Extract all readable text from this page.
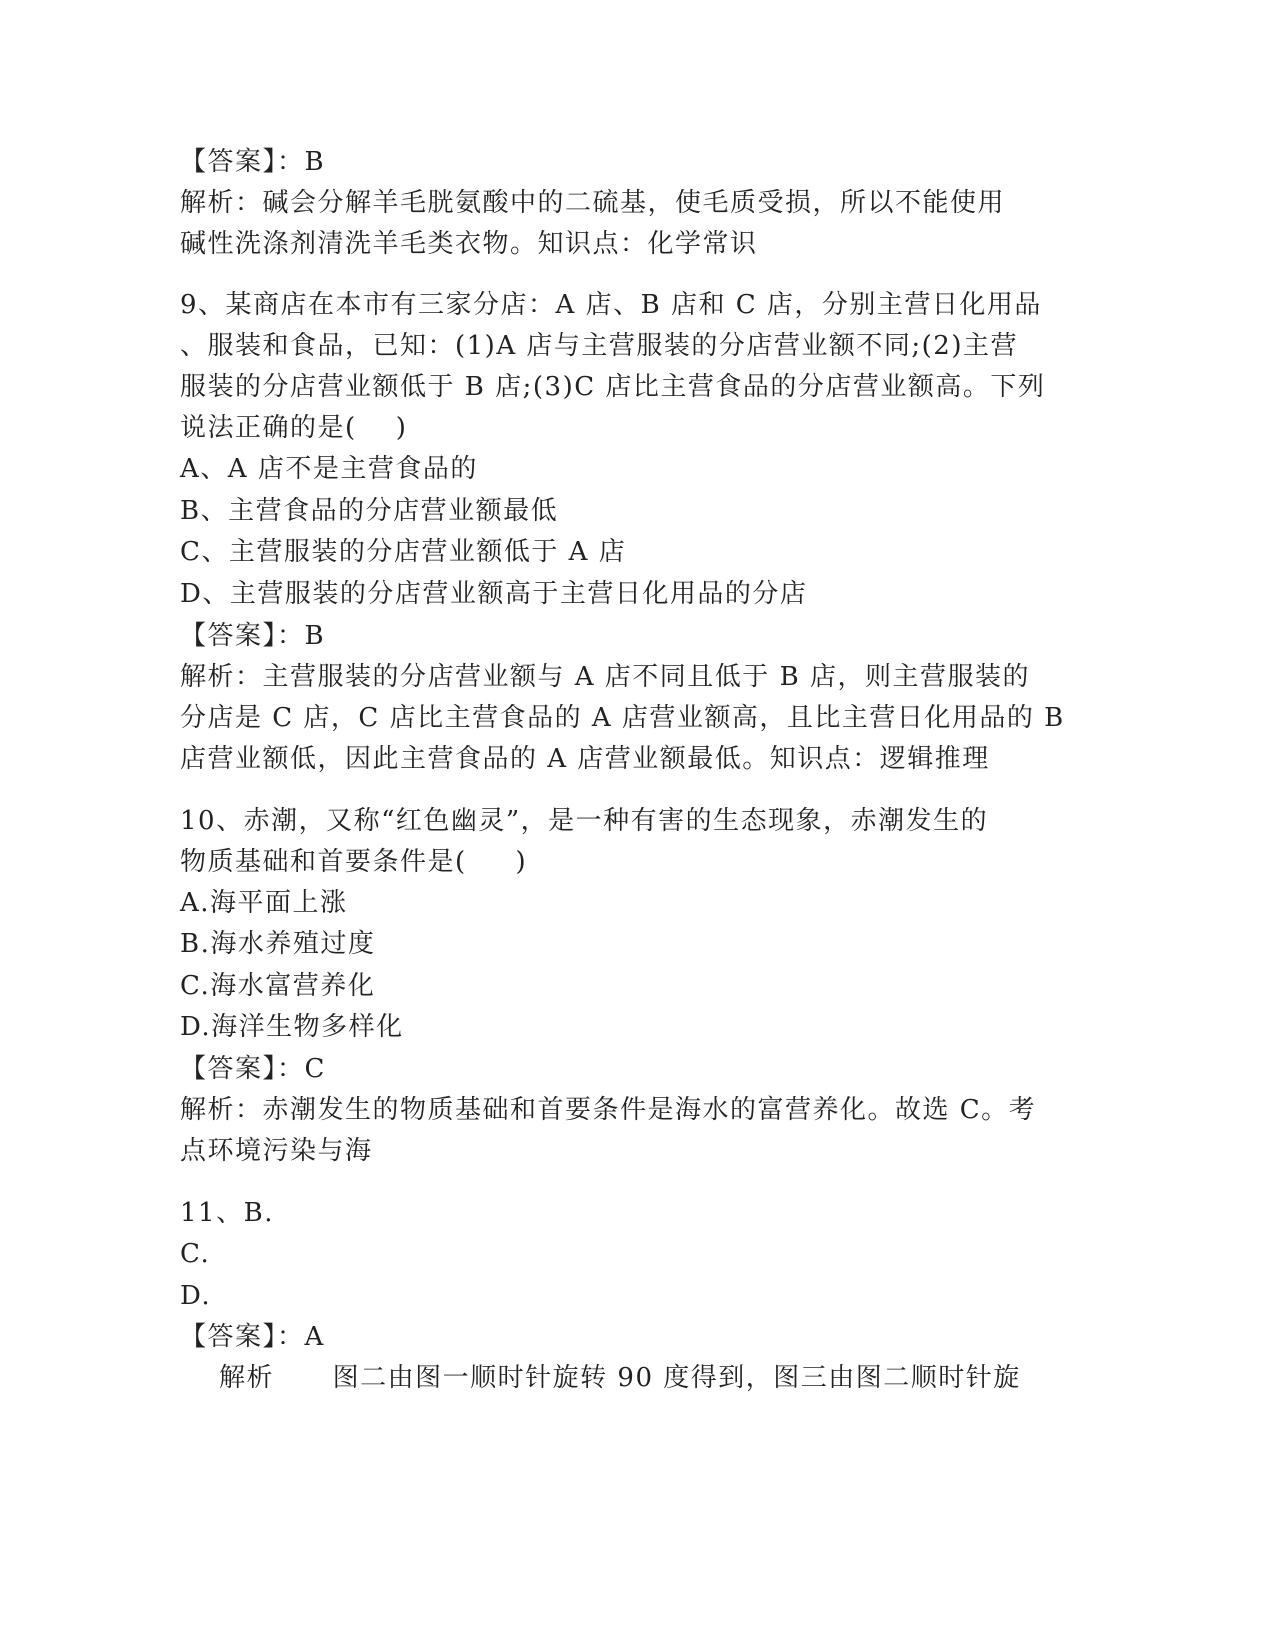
【答案】：B
解析：碱会分解羊毛胱氨酸中的二硫基，使毛质受损，所以不能使用
碱性洗涤剂清洗羊毛类衣物。知识点：化学常识
9、某商店在本市有三家分店：A 店、B 店和 C 店，分别主营日化用品
、服装和食品，已知：(1)A 店与主营服装的分店营业额不同;(2)主营
服装的分店营业额低于 B 店;(3)C 店比主营食品的分店营业额高。下列
说法正确的是(    )
A、A 店不是主营食品的
B、主营食品的分店营业额最低
C、主营服装的分店营业额低于 A 店
D、主营服装的分店营业额高于主营日化用品的分店
【答案】：B
解析：主营服装的分店营业额与 A 店不同且低于 B 店，则主营服装的
分店是 C 店，C 店比主营食品的 A 店营业额高，且比主营日化用品的 B
店营业额低，因此主营食品的 A 店营业额最低。知识点：逻辑推理
10、赤潮，又称“红色幽灵”，是一种有害的生态现象，赤潮发生的
物质基础和首要条件是(     )
A.海平面上涨
B.海水养殖过度
C.海水富营养化
D.海洋生物多样化
【答案】：C
解析：赤潮发生的物质基础和首要条件是海水的富营养化。故选 C。考
点环境污染与海
11、B.
C.
D.
【答案】：A
解析      图二由图一顺时针旋转 90 度得到，图三由图二顺时针旋
